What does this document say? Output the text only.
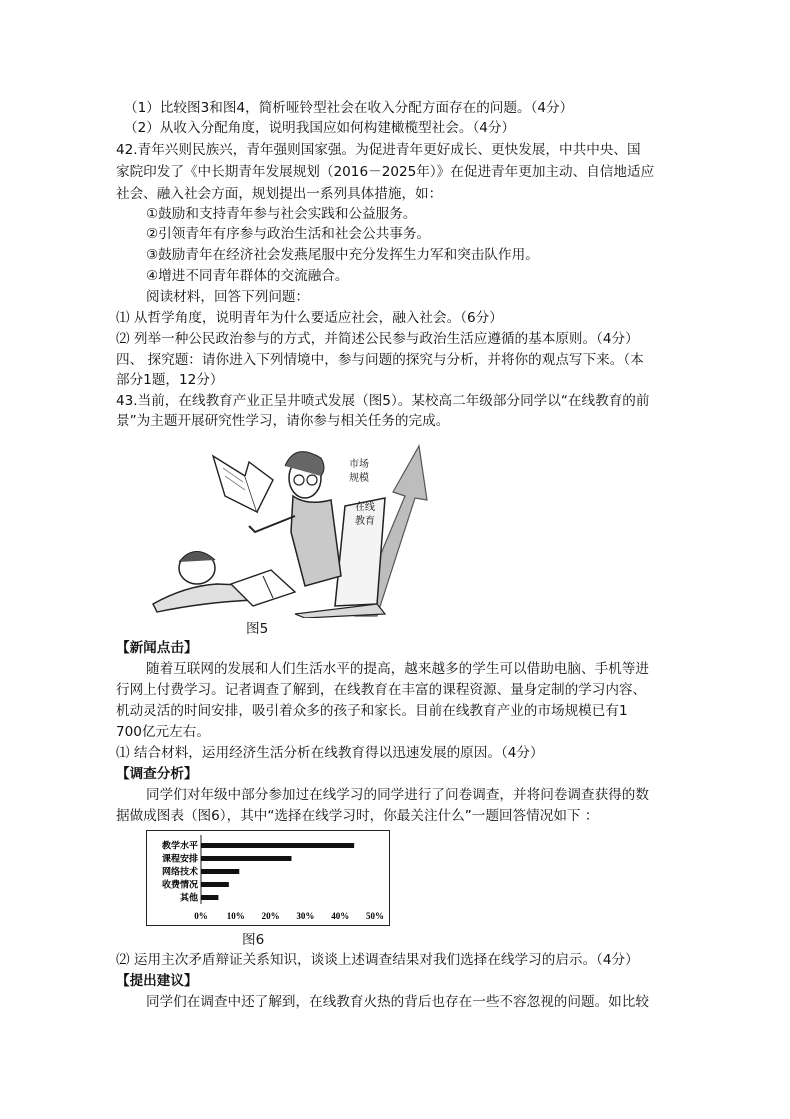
（1）比较图3和图4，简析哑铃型社会在收入分配方面存在的问题。（4分）
（2）从收入分配角度，说明我国应如何构建橄榄型社会。（4分）
42.青年兴则民族兴，青年强则国家强。为促进青年更好成长、更快发展，中共中央、国
家院印发了《中长期青年发展规划（2016－2025年）》在促进青年更加主动、自信地适应
社会、融入社会方面，规划提出一系列具体措施，如：
①鼓励和支持青年参与社会实践和公益服务。
②引领青年有序参与政治生活和社会公共事务。
③鼓励青年在经济社会发燕尾服中充分发挥生力军和突击队作用。
④增进不同青年群体的交流融合。
阅读材料，回答下列问题：
⑴ 从哲学角度，说明青年为什么要适应社会，融入社会。（6分）
⑵ 列举一种公民政治参与的方式，并简述公民参与政治生活应遵循的基本原则。（4分）
四、 探究题：请你进入下列情境中，参与问题的探究与分析，并将你的观点写下来。（本
部分1题，12分）
43.当前，在线教育产业正呈井喷式发展（图5）。某校高二年级部分同学以“在线教育的前
景”为主题开展研究性学习，请你参与相关任务的完成。
市场
规模
在线
教育
图5
【新闻点击】
随着互联网的发展和人们生活水平的提高，越来越多的学生可以借助电脑、手机等进
行网上付费学习。记者调查了解到，在线教育在丰富的课程资源、量身定制的学习内容、
机动灵活的时间安排，吸引着众多的孩子和家长。目前在线教育产业的市场规模已有1
700亿元左右。
⑴ 结合材料，运用经济生活分析在线教育得以迅速发展的原因。（4分）
【调查分析】
同学们对年级中部分参加过在线学习的同学进行了问卷调查，并将问卷调查获得的数
据做成图表（图6），其中“选择在线学习时，你最关注什么”一题回答情况如下 ：
教学水平
课程安排
网络技术
收费情况
其他
0% 10% 20% 30% 40% 50%
图6
⑵ 运用主次矛盾辩证关系知识，谈谈上述调查结果对我们选择在线学习的启示。（4分）
【提出建议】
同学们在调查中还了解到，在线教育火热的背后也存在一些不容忽视的问题。如比较
